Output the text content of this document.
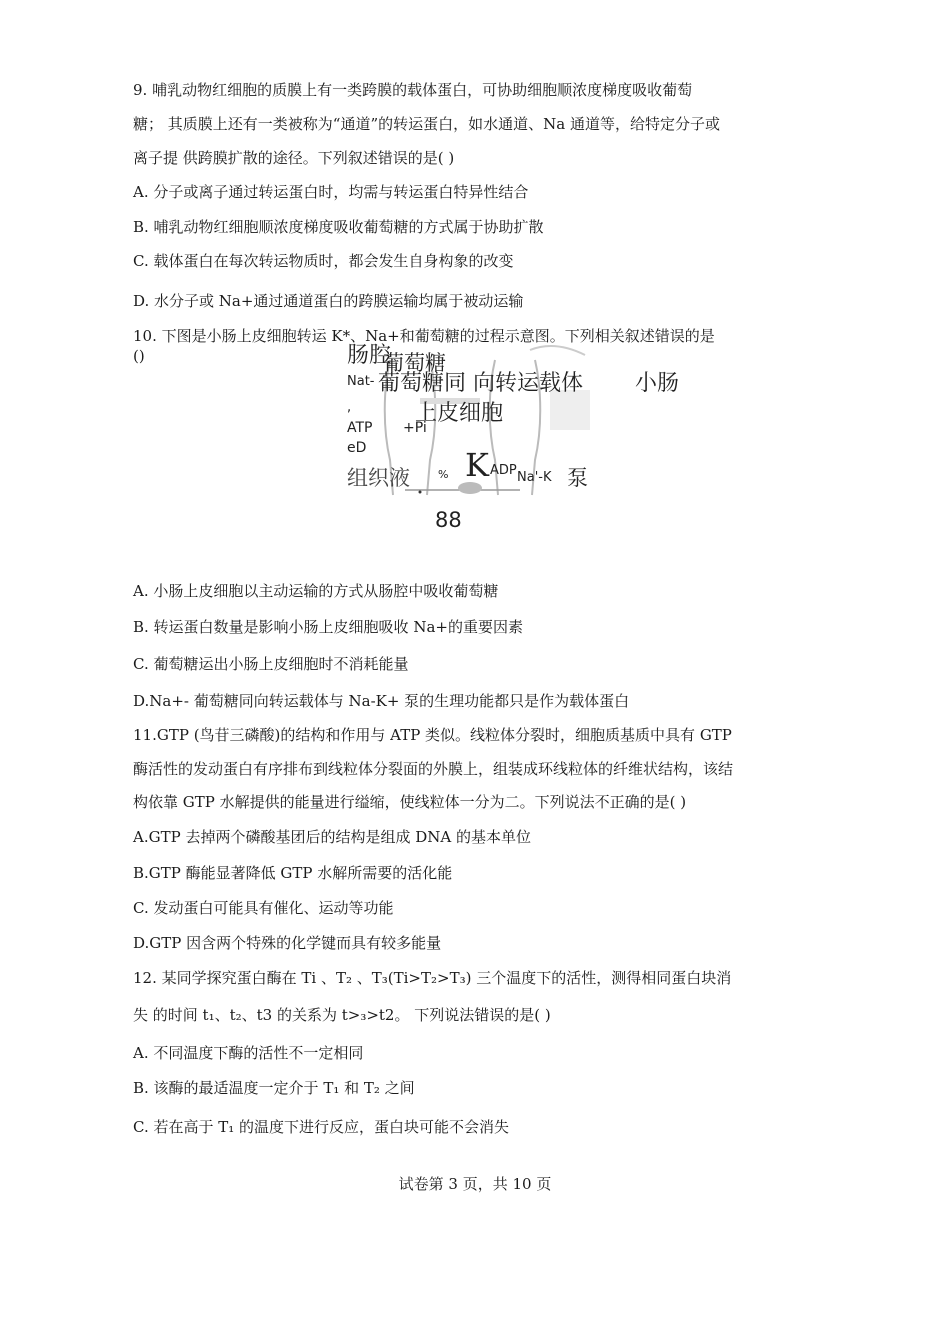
9. 哺乳动物红细胞的质膜上有一类跨膜的载体蛋白，可协助细胞顺浓度梯度吸收葡萄
糖； 其质膜上还有一类被称为“通道”的转运蛋白，如水通道、Na 通道等，给特定分子或
离子提 供跨膜扩散的途径。下列叙述错误的是( )
A. 分子或离子通过转运蛋白时，均需与转运蛋白特异性结合
B. 哺乳动物红细胞顺浓度梯度吸收葡萄糖的方式属于协助扩散
C. 载体蛋白在每次转运物质时，都会发生自身构象的改变
D. 水分子或 Na+通过通道蛋白的跨膜运输均属于被动运输
10. 下图是小肠上皮细胞转运 K*、Na+和葡萄糖的过程示意图。下列相关叙述错误的是
()	肠腔
葡萄糖
Nat- 葡萄糖同 向转运载体 小肠
,	上皮细胞
ATP +Pi
eD
组织液 K ADP
%	Na'-K 泵
88
A. 小肠上皮细胞以主动运输的方式从肠腔中吸收葡萄糖
B. 转运蛋白数量是影响小肠上皮细胞吸收 Na+的重要因素
C. 葡萄糖运出小肠上皮细胞时不消耗能量
D.Na+- 葡萄糖同向转运载体与 Na-K+ 泵的生理功能都只是作为载体蛋白
11.GTP (鸟苷三磷酸)的结构和作用与 ATP 类似。线粒体分裂时，细胞质基质中具有 GTP
酶活性的发动蛋白有序排布到线粒体分裂面的外膜上，组装成环线粒体的纤维状结构，该结
构依靠 GTP 水解提供的能量进行缢缩，使线粒体一分为二。下列说法不正确的是( )
A.GTP 去掉两个磷酸基团后的结构是组成 DNA 的基本单位
B.GTP 酶能显著降低 GTP 水解所需要的活化能
C. 发动蛋白可能具有催化、运动等功能
D.GTP 因含两个特殊的化学键而具有较多能量
12. 某同学探究蛋白酶在 Ti 、T₂ 、T₃(Ti>T₂>T₃) 三个温度下的活性，测得相同蛋白块消
失 的时间 t₁、t₂、t3 的关系为 t>₃>t2。 下列说法错误的是( )
A. 不同温度下酶的活性不一定相同
B. 该酶的最适温度一定介于 T₁ 和 T₂ 之间
C. 若在高于 T₁ 的温度下进行反应，蛋白块可能不会消失
试卷第 3 页，共 10 页
